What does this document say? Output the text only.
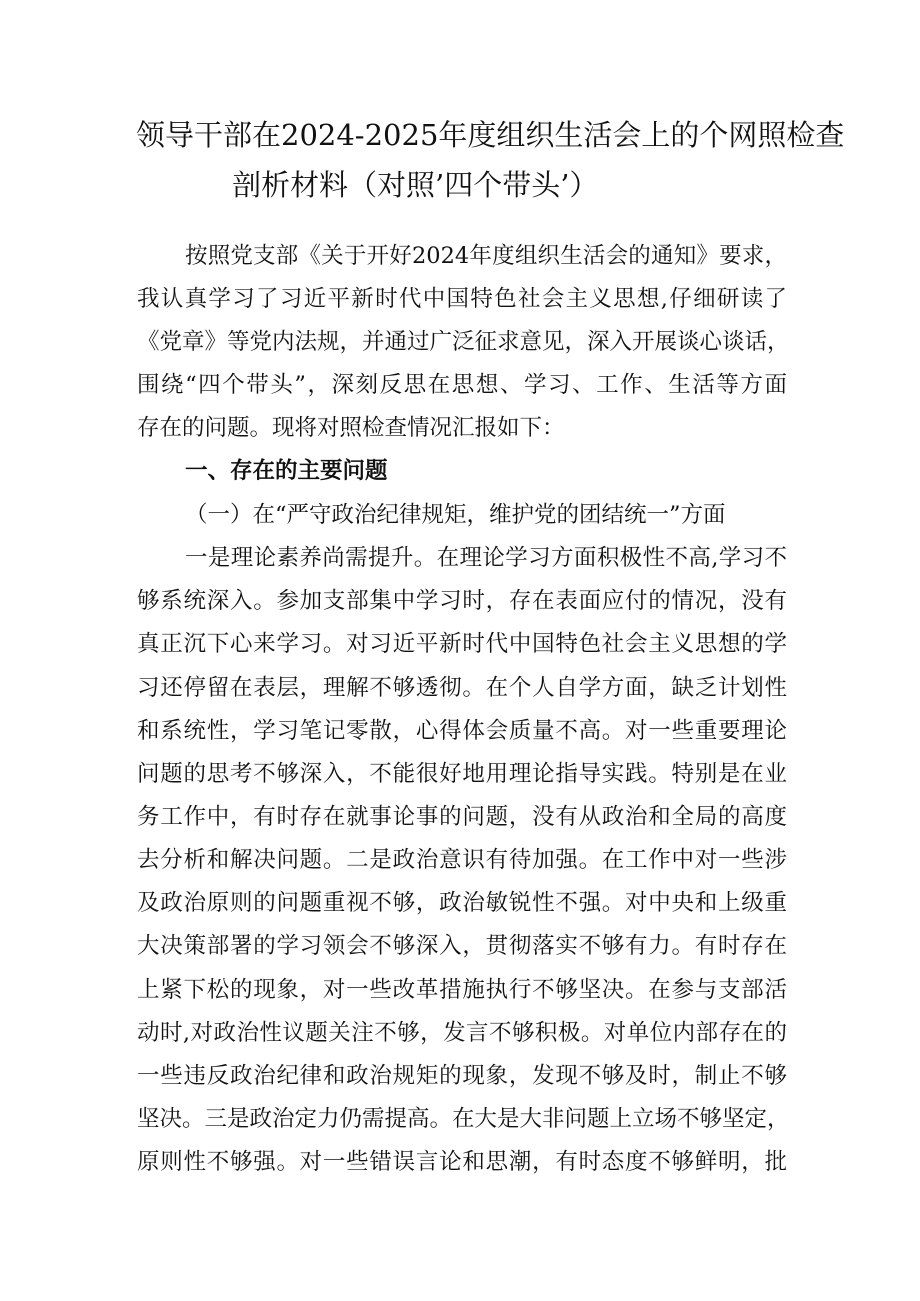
领导干部在2024-2025年度组织生活会上的个网照检查
剖析材料（对照’四个带头’）
按照党支部《关于开好2024年度组织生活会的通知》要求，
我认真学习了习近平新时代中国特色社会主义思想,仔细研读了
《党章》等党内法规，并通过广泛征求意见，深入开展谈心谈话，
围绕“四个带头”，深刻反思在思想、学习、工作、生活等方面
存在的问题。现将对照检查情况汇报如下：
一、存在的主要问题
（一）在“严守政治纪律规矩，维护党的团结统一”方面
一是理论素养尚需提升。在理论学习方面积极性不高,学习不
够系统深入。参加支部集中学习时，存在表面应付的情况，没有
真正沉下心来学习。对习近平新时代中国特色社会主义思想的学
习还停留在表层，理解不够透彻。在个人自学方面，缺乏计划性
和系统性，学习笔记零散，心得体会质量不高。对一些重要理论
问题的思考不够深入，不能很好地用理论指导实践。特别是在业
务工作中，有时存在就事论事的问题，没有从政治和全局的高度
去分析和解决问题。二是政治意识有待加强。在工作中对一些涉
及政治原则的问题重视不够，政治敏锐性不强。对中央和上级重
大决策部署的学习领会不够深入，贯彻落实不够有力。有时存在
上紧下松的现象，对一些改革措施执行不够坚决。在参与支部活
动时,对政治性议题关注不够，发言不够积极。对单位内部存在的
一些违反政治纪律和政治规矩的现象，发现不够及时，制止不够
坚决。三是政治定力仍需提高。在大是大非问题上立场不够坚定，
原则性不够强。对一些错误言论和思潮，有时态度不够鲜明，批
